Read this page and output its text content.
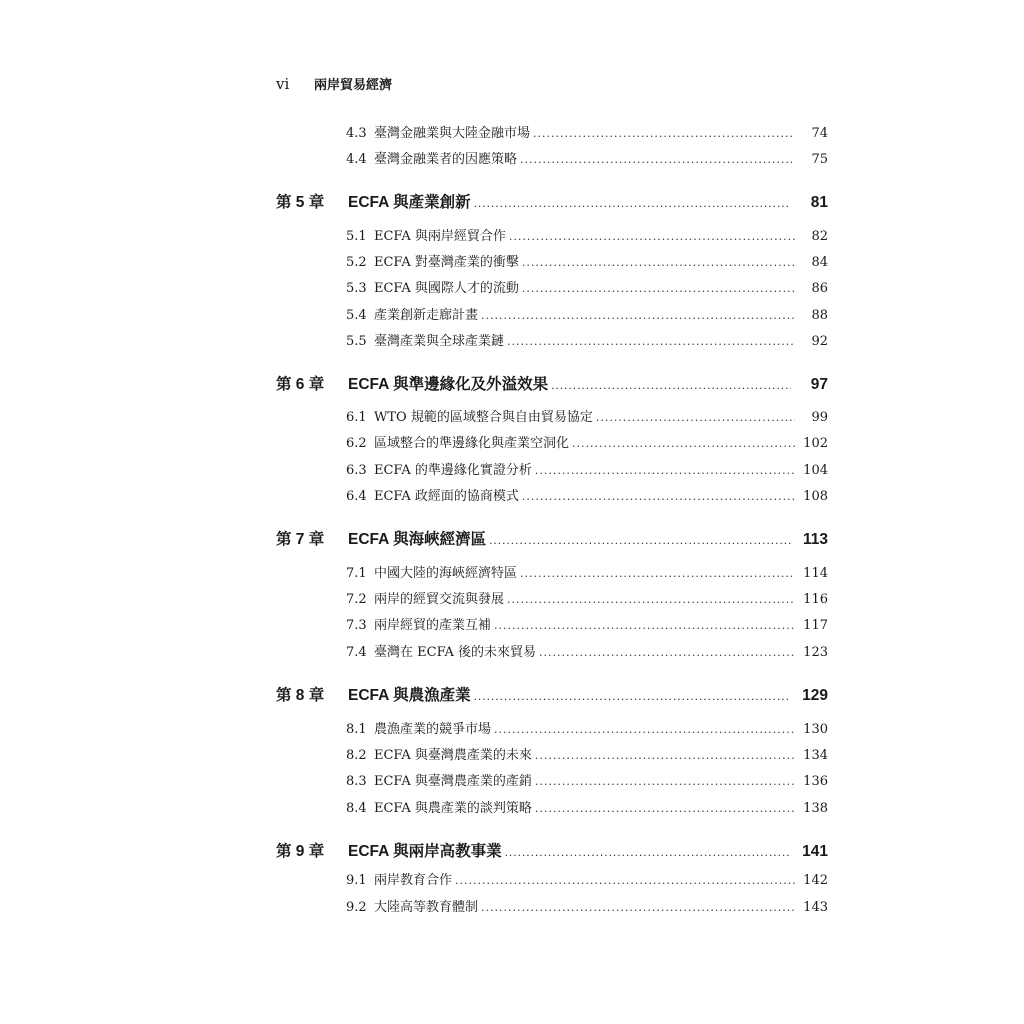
vi	兩岸貿易經濟
4.3 臺灣金融業與大陸金融市場 .....	74
4.4 臺灣金融業者的因應策略 .....	75
第 5 章	ECFA 與產業創新 .....	81
5.1 ECFA 與兩岸經貿合作 .....	82
5.2 ECFA 對臺灣產業的衝擊 .....	84
5.3 ECFA 與國際人才的流動 .....	86
5.4 產業創新走廊計畫 .....	88
5.5 臺灣產業與全球產業鏈 .....	92
第 6 章	ECFA 與準邊緣化及外溢效果 .....	97
6.1 WTO 規範的區域整合與自由貿易協定 .....	99
6.2 區域整合的準邊緣化與產業空洞化 .....	102
6.3 ECFA 的準邊緣化實證分析 .....	104
6.4 ECFA 政經面的協商模式 .....	108
第 7 章	ECFA 與海峽經濟區 .....	113
7.1 中國大陸的海峽經濟特區 .....	114
7.2 兩岸的經貿交流與發展 .....	116
7.3 兩岸經貿的產業互補 .....	117
7.4 臺灣在 ECFA 後的未來貿易 .....	123
第 8 章	ECFA 與農漁產業 .....	129
8.1 農漁產業的競爭市場 .....	130
8.2 ECFA 與臺灣農產業的未來 .....	134
8.3 ECFA 與臺灣農產業的產銷 .....	136
8.4 ECFA 與農產業的談判策略 .....	138
第 9 章	ECFA 與兩岸高教事業 .....	141
9.1 兩岸教育合作 .....	142
9.2 大陸高等教育體制 .....	143
